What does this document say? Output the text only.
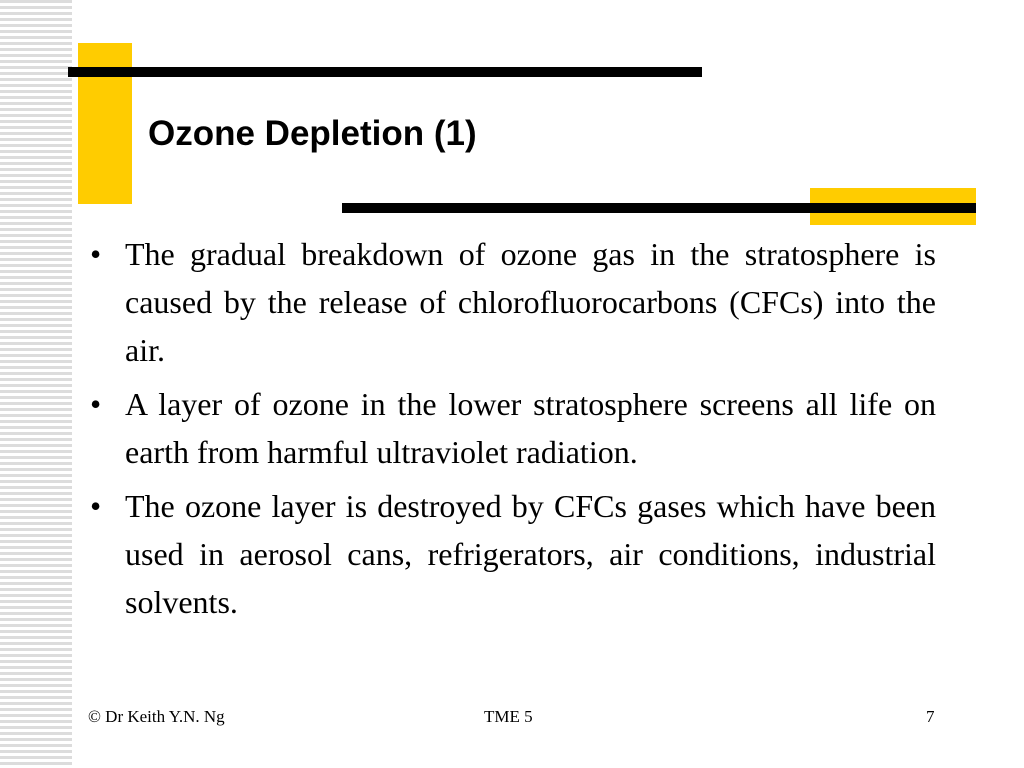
Ozone Depletion (1)
• The gradual breakdown of ozone gas in the stratosphere is caused by the release of chlorofluorocarbons (CFCs) into the air.
• A layer of ozone in the lower stratosphere screens all life on earth from harmful ultraviolet radiation.
• The ozone layer is destroyed by CFCs gases which have been used in aerosol cans, refrigerators, air conditions, industrial solvents.
© Dr Keith Y.N. Ng	TME 5	7
